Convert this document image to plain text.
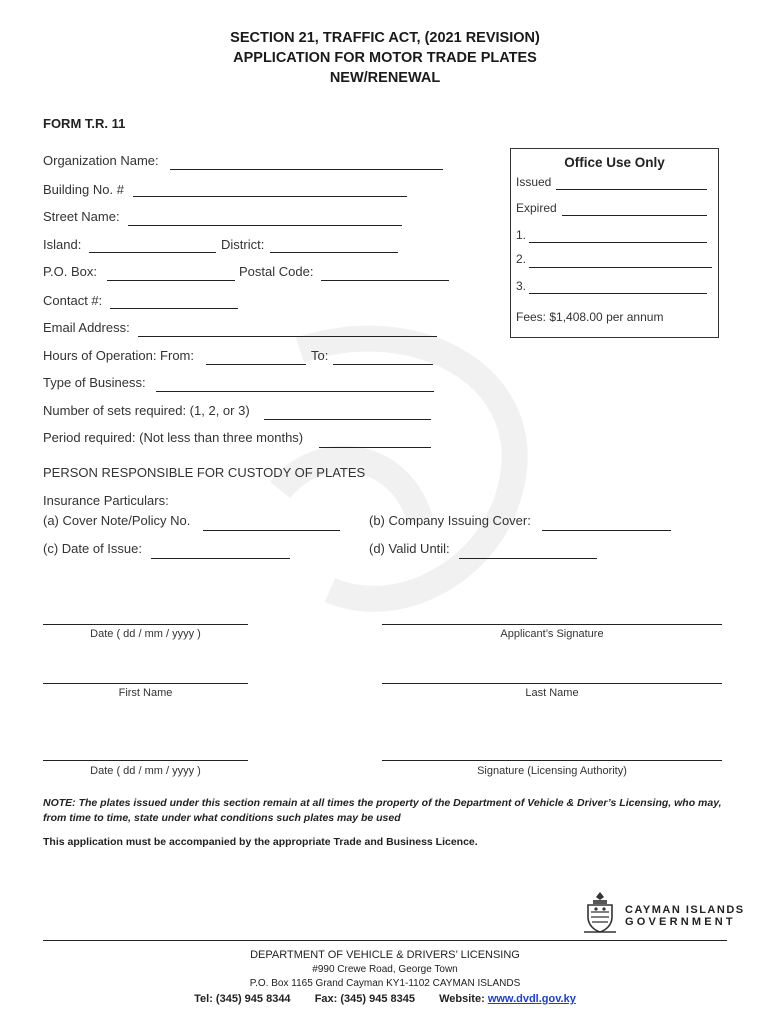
SECTION 21, TRAFFIC ACT, (2021 REVISION)
APPLICATION FOR MOTOR TRADE PLATES
NEW/RENEWAL
FORM T.R. 11
Organization Name:
Building No. #
Street Name:
Island:	District:
P.O. Box:	Postal Code:
Contact #:
Email Address:
Hours of Operation: From:	To:
Type of Business:
Number of sets required: (1, 2, or 3)
Period required: (Not less than three months)
Office Use Only
Issued
Expired
1.
2.
3.
Fees: $1,408.00 per annum
PERSON RESPONSIBLE FOR CUSTODY OF PLATES
Insurance Particulars:
(a) Cover Note/Policy No.	(b) Company Issuing Cover:
(c) Date of Issue:	(d) Valid Until:
Date ( dd / mm / yyyy )	Applicant’s Signature
First Name	Last Name
Date ( dd / mm / yyyy )	Signature (Licensing Authority)
NOTE: The plates issued under this section remain at all times the property of the Department of Vehicle & Driver’s Licensing, who may, from time to time, state under what conditions such plates may be used
This application must be accompanied by the appropriate Trade and Business Licence.
CAYMAN ISLANDS
GOVERNMENT
DEPARTMENT OF VEHICLE & DRIVERS’ LICENSING
#990 Crewe Road, George Town
P.O. Box 1165 Grand Cayman KY1-1102 CAYMAN ISLANDS
Tel: (345) 945 8344 Fax: (345) 945 8345 Website: www.dvdl.gov.ky
